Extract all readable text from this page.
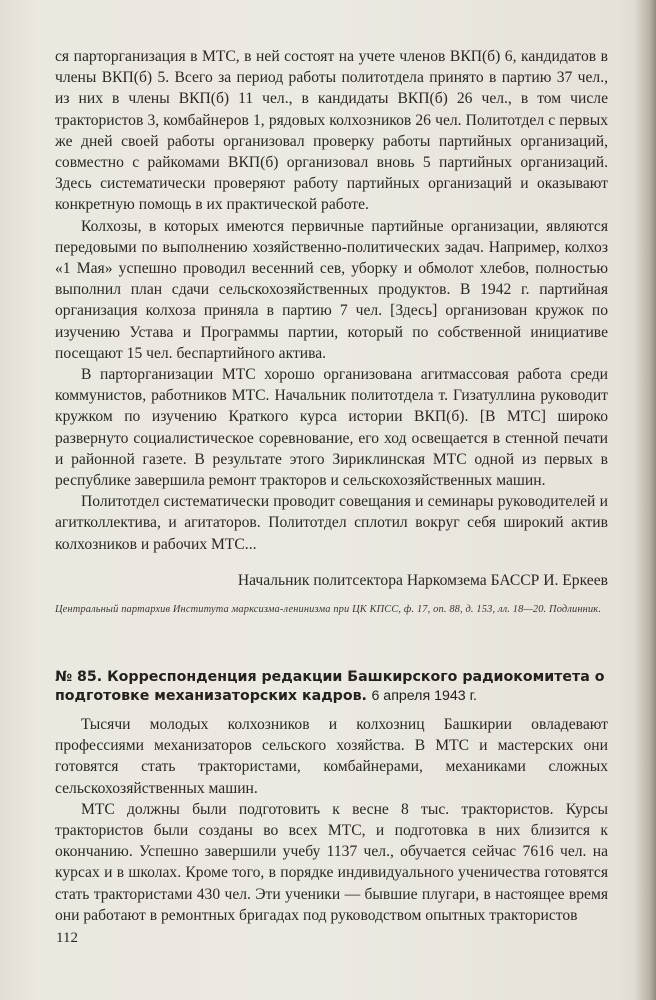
ся парторганизация в МТС, в ней состоят на учете членов ВКП(б) 6, кандидатов в члены ВКП(б) 5. Всего за период работы политотдела принято в партию 37 чел., из них в члены ВКП(б) 11 чел., в кандидаты ВКП(б) 26 чел., в том числе трактористов 3, комбайнеров 1, рядовых колхозников 26 чел. Политотдел с первых же дней своей работы организовал проверку работы партийных организаций, совместно с райкомами ВКП(б) организовал вновь 5 партийных организаций. Здесь систематически проверяют работу партийных организаций и оказывают конкретную помощь в их практической работе.

Колхозы, в которых имеются первичные партийные организации, являются передовыми по выполнению хозяйственно-политических задач. Например, колхоз «1 Мая» успешно проводил весенний сев, уборку и обмолот хлебов, полностью выполнил план сдачи сельскохозяйственных продуктов. В 1942 г. партийная организация колхоза приняла в партию 7 чел. [Здесь] организован кружок по изучению Устава и Программы партии, который по собственной инициативе посещают 15 чел. беспартийного актива.

В парторганизации МТС хорошо организована агитмассовая работа среди коммунистов, работников МТС. Начальник политотдела т. Гизатуллина руководит кружком по изучению Краткого курса истории ВКП(б). [В МТС] широко развернуто социалистическое соревнование, его ход освещается в стенной печати и районной газете. В результате этого Зириклинская МТС одной из первых в республике завершила ремонт тракторов и сельскохозяйственных машин.

Политотдел систематически проводит совещания и семинары руководителей и агитколлектива, и агитаторов. Политотдел сплотил вокруг себя широкий актив колхозников и рабочих МТС...

Начальник политсектора Наркомзема БАССР И. Еркеев
Центральный партархив Института марксизма-ленинизма при ЦК КПСС, ф. 17, оп. 88, д. 153, лл. 18—20. Подлинник.
№ 85. Корреспонденция редакции Башкирского радиокомитета о подготовке механизаторских кадров. 6 апреля 1943 г.

Тысячи молодых колхозников и колхозниц Башкирии овладевают профессиями механизаторов сельского хозяйства. В МТС и мастерских они готовятся стать трактористами, комбайнерами, механиками сложных сельскохозяйственных машин.

МТС должны были подготовить к весне 8 тыс. трактористов. Курсы трактористов были созданы во всех МТС, и подготовка в них близится к окончанию. Успешно завершили учебу 1137 чел., обучается сейчас 7616 чел. на курсах и в школах. Кроме того, в порядке индивидуального ученичества готовятся стать трактористами 430 чел. Эти ученики — бывшие плугари, в настоящее время они работают в ремонтных бригадах под руководством опытных трактористов

112
